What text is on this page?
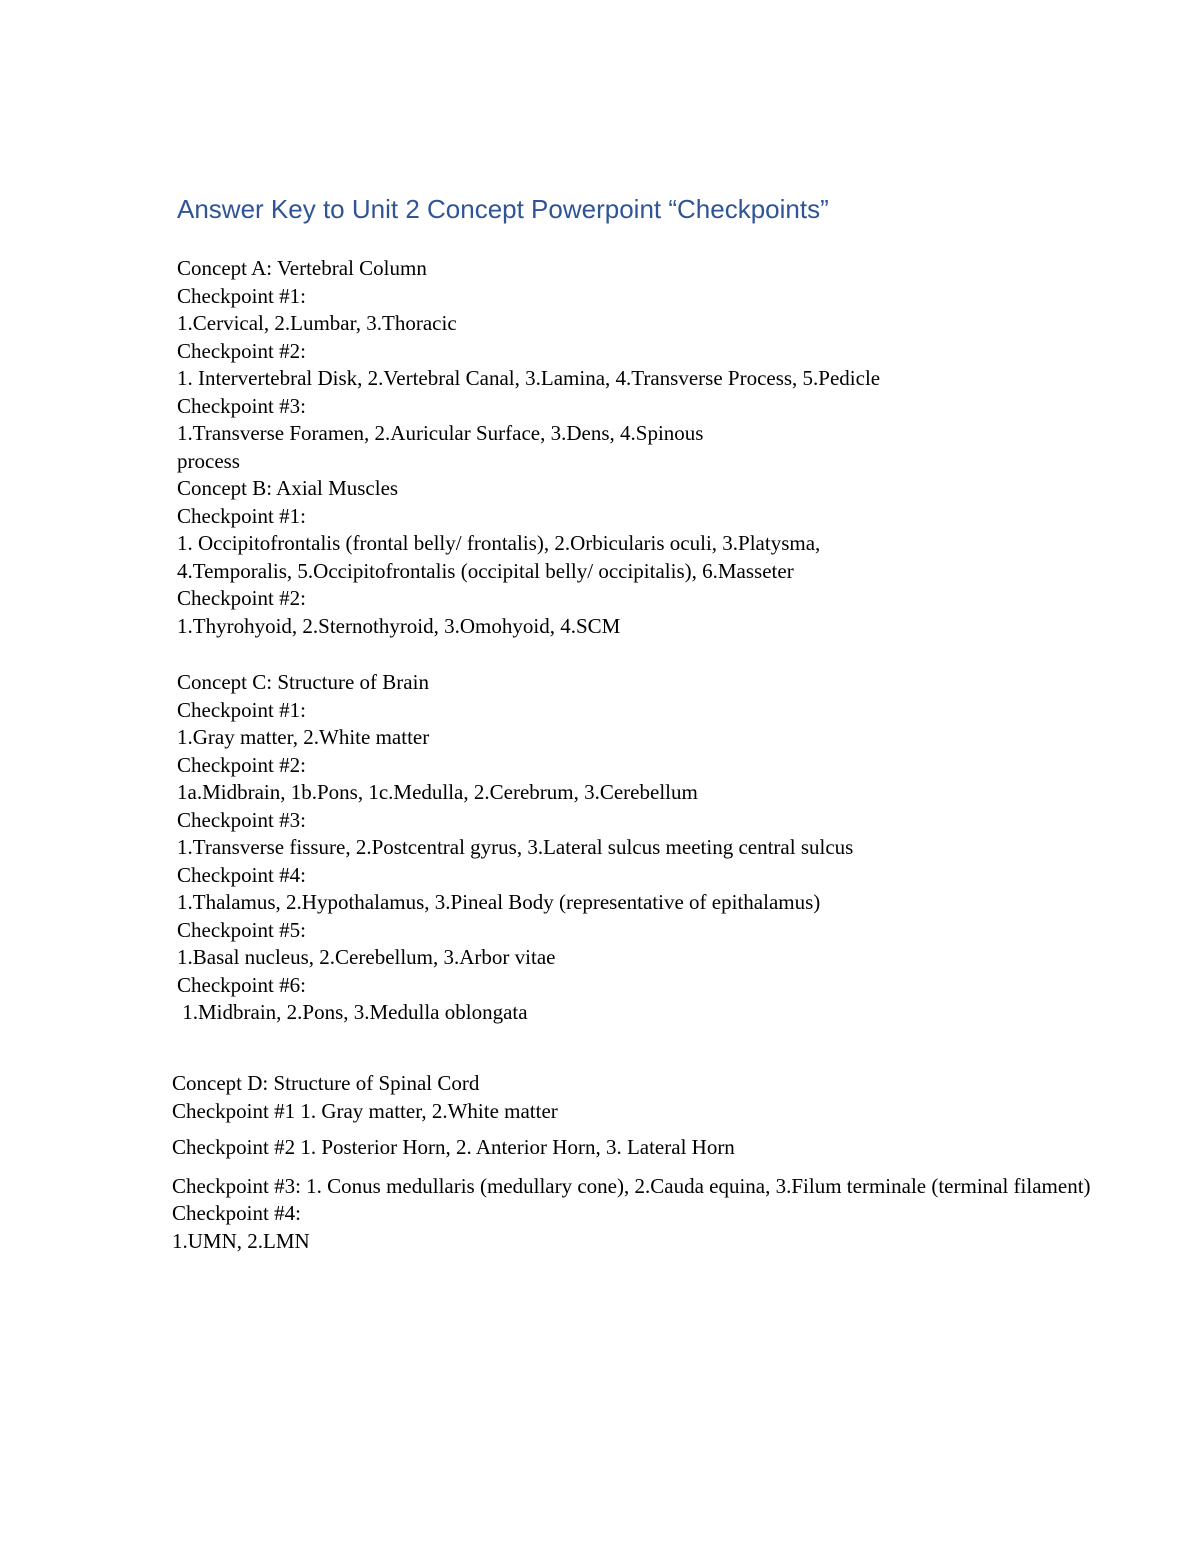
Answer Key to Unit 2 Concept Powerpoint “Checkpoints”
Concept A: Vertebral Column
Checkpoint #1:
1.Cervical, 2.Lumbar, 3.Thoracic
Checkpoint #2:
1. Intervertebral Disk, 2.Vertebral Canal, 3.Lamina, 4.Transverse Process, 5.Pedicle
Checkpoint #3:
1.Transverse Foramen, 2.Auricular Surface, 3.Dens, 4.Spinous
process
Concept B: Axial Muscles
Checkpoint #1:
1. Occipitofrontalis (frontal belly/ frontalis), 2.Orbicularis oculi, 3.Platysma,
4.Temporalis, 5.Occipitofrontalis (occipital belly/ occipitalis), 6.Masseter
Checkpoint #2:
1.Thyrohyoid, 2.Sternothyroid, 3.Omohyoid, 4.SCM
Concept C: Structure of Brain
Checkpoint #1:
1.Gray matter, 2.White matter
Checkpoint #2:
1a.Midbrain, 1b.Pons, 1c.Medulla, 2.Cerebrum, 3.Cerebellum
Checkpoint #3:
1.Transverse fissure, 2.Postcentral gyrus, 3.Lateral sulcus meeting central sulcus
Checkpoint #4:
1.Thalamus, 2.Hypothalamus, 3.Pineal Body (representative of epithalamus)
Checkpoint #5:
1.Basal nucleus, 2.Cerebellum, 3.Arbor vitae
Checkpoint #6:
1.Midbrain, 2.Pons, 3.Medulla oblongata
Concept D: Structure of Spinal Cord
Checkpoint #1 1. Gray matter, 2.White matter
Checkpoint #2 1. Posterior Horn, 2. Anterior Horn, 3. Lateral Horn
Checkpoint #3: 1. Conus medullaris (medullary cone), 2.Cauda equina, 3.Filum terminale (terminal filament)
Checkpoint #4:
1.UMN, 2.LMN
